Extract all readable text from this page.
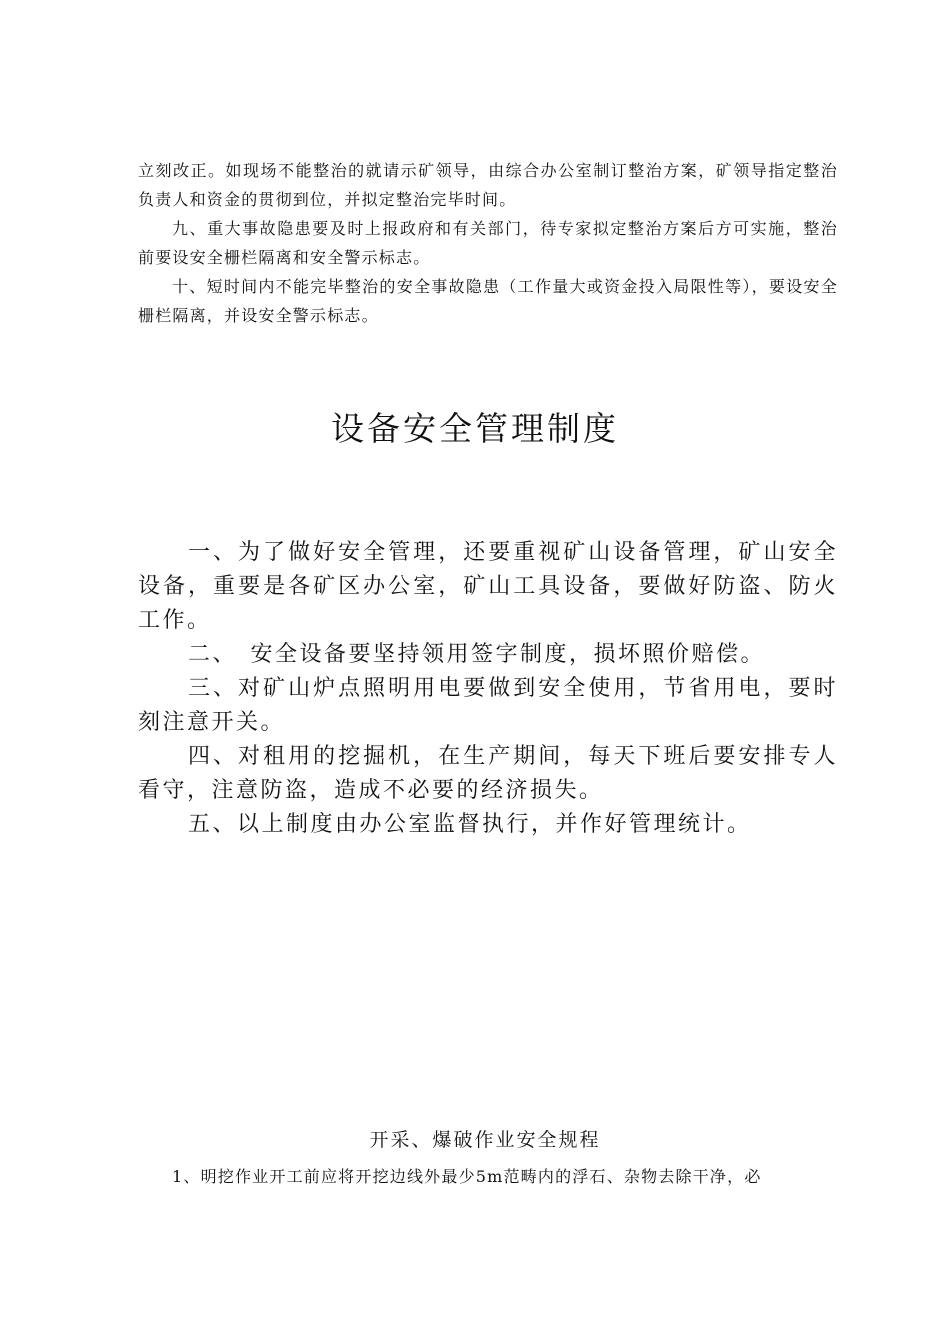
立刻改正。如现场不能整治的就请示矿领导，由综合办公室制订整治方案，矿领导指定整治负责人和资金的贯彻到位，并拟定整治完毕时间。

九、重大事故隐患要及时上报政府和有关部门，待专家拟定整治方案后方可实施，整治前要设安全栅栏隔离和安全警示标志。

十、短时间内不能完毕整治的安全事故隐患（工作量大或资金投入局限性等），要设安全栅栏隔离，并设安全警示标志。

设备安全管理制度

一、为了做好安全管理，还要重视矿山设备管理，矿山安全设备，重要是各矿区办公室，矿山工具设备，要做好防盗、防火工作。

二、　安全设备要坚持领用签字制度，损坏照价赔偿。

三、对矿山炉点照明用电要做到安全使用，节省用电，要时刻注意开关。

四、对租用的挖掘机，在生产期间，每天下班后要安排专人看守，注意防盗，造成不必要的经济损失。

五、以上制度由办公室监督执行，并作好管理统计。

开采、爆破作业安全规程

1、明挖作业开工前应将开挖边线外最少5m范畴内的浮石、杂物去除干净，必
